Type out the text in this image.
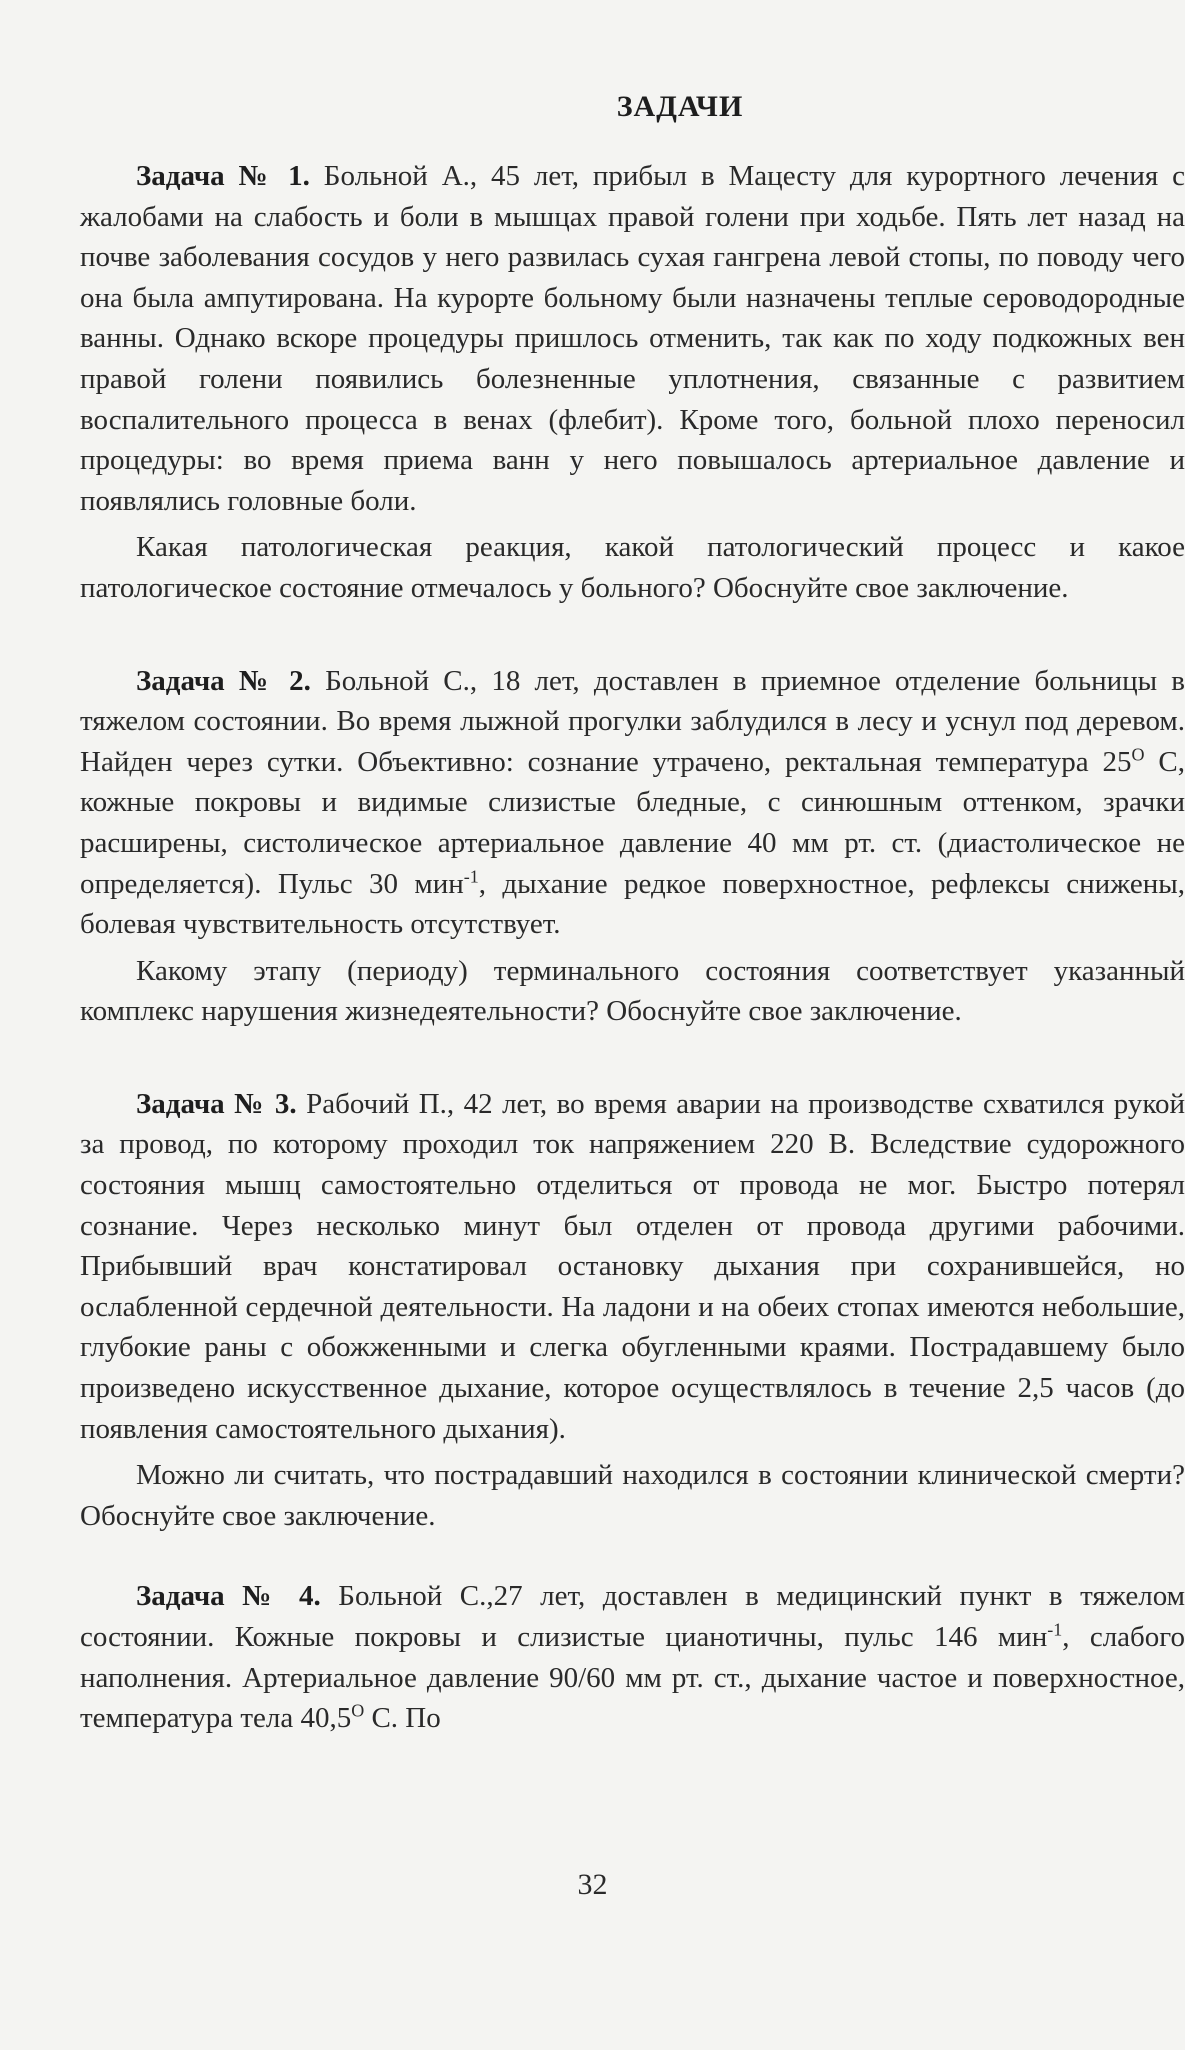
ЗАДАЧИ

Задача № 1. Больной А., 45 лет, прибыл в Мацесту для курортного лечения с жалобами на слабость и боли в мышцах правой голени при ходьбе. Пять лет назад на почве заболевания сосудов у него развилась сухая гангрена левой стопы, по поводу чего она была ампутирована. На курорте больному были назначены теплые сероводородные ванны. Однако вскоре процедуры пришлось отменить, так как по ходу подкожных вен правой голени появились болезненные уплотнения, связанные с развитием воспалительного процесса в венах (флебит). Кроме того, больной плохо переносил процедуры: во время приема ванн у него повышалось артериальное давление и появлялись головные боли.

Какая патологическая реакция, какой патологический процесс и какое патологическое состояние отмечалось у больного? Обоснуйте свое заключение.

Задача № 2. Больной С., 18 лет, доставлен в приемное отделение больницы в тяжелом состоянии. Во время лыжной прогулки заблудился в лесу и уснул под деревом. Найден через сутки. Объективно: сознание утрачено, ректальная температура $25^O$ С, кожные покровы и видимые слизистые бледные, с синюшным оттенком, зрачки расширены, систолическое артериальное давление 40 мм рт. ст. (диастолическое не определяется). Пульс 30 мин$^{-1}$, дыхание редкое поверхностное, рефлексы снижены, болевая чувствительность отсутствует.

Какому этапу (периоду) терминального состояния соответствует указанный комплекс нарушения жизнедеятельности? Обоснуйте свое заключение.

Задача № 3. Рабочий П., 42 лет, во время аварии на производстве схватился рукой за провод, по которому проходил ток напряжением 220 В. Вследствие судорожного состояния мышц самостоятельно отделиться от провода не мог. Быстро потерял сознание. Через несколько минут был отделен от провода другими рабочими. Прибывший врач констатировал остановку дыхания при сохранившейся, но ослабленной сердечной деятельности. На ладони и на обеих стопах имеются небольшие, глубокие раны с обожженными и слегка обугленными краями. Пострадавшему было произведено искусственное дыхание, которое осуществлялось в течение 2,5 часов (до появления самостоятельного дыхания).

Можно ли считать, что пострадавший находился в состоянии клинической смерти? Обоснуйте свое заключение.

Задача № 4. Больной С.,27 лет, доставлен в медицинский пункт в тяжелом состоянии. Кожные покровы и слизистые цианотичны, пульс 146 мин$^{-1}$, слабого наполнения. Артериальное давление 90/60 мм рт. ст., дыхание частое и поверхностное, температура тела $40,5^O$ С. По

32
